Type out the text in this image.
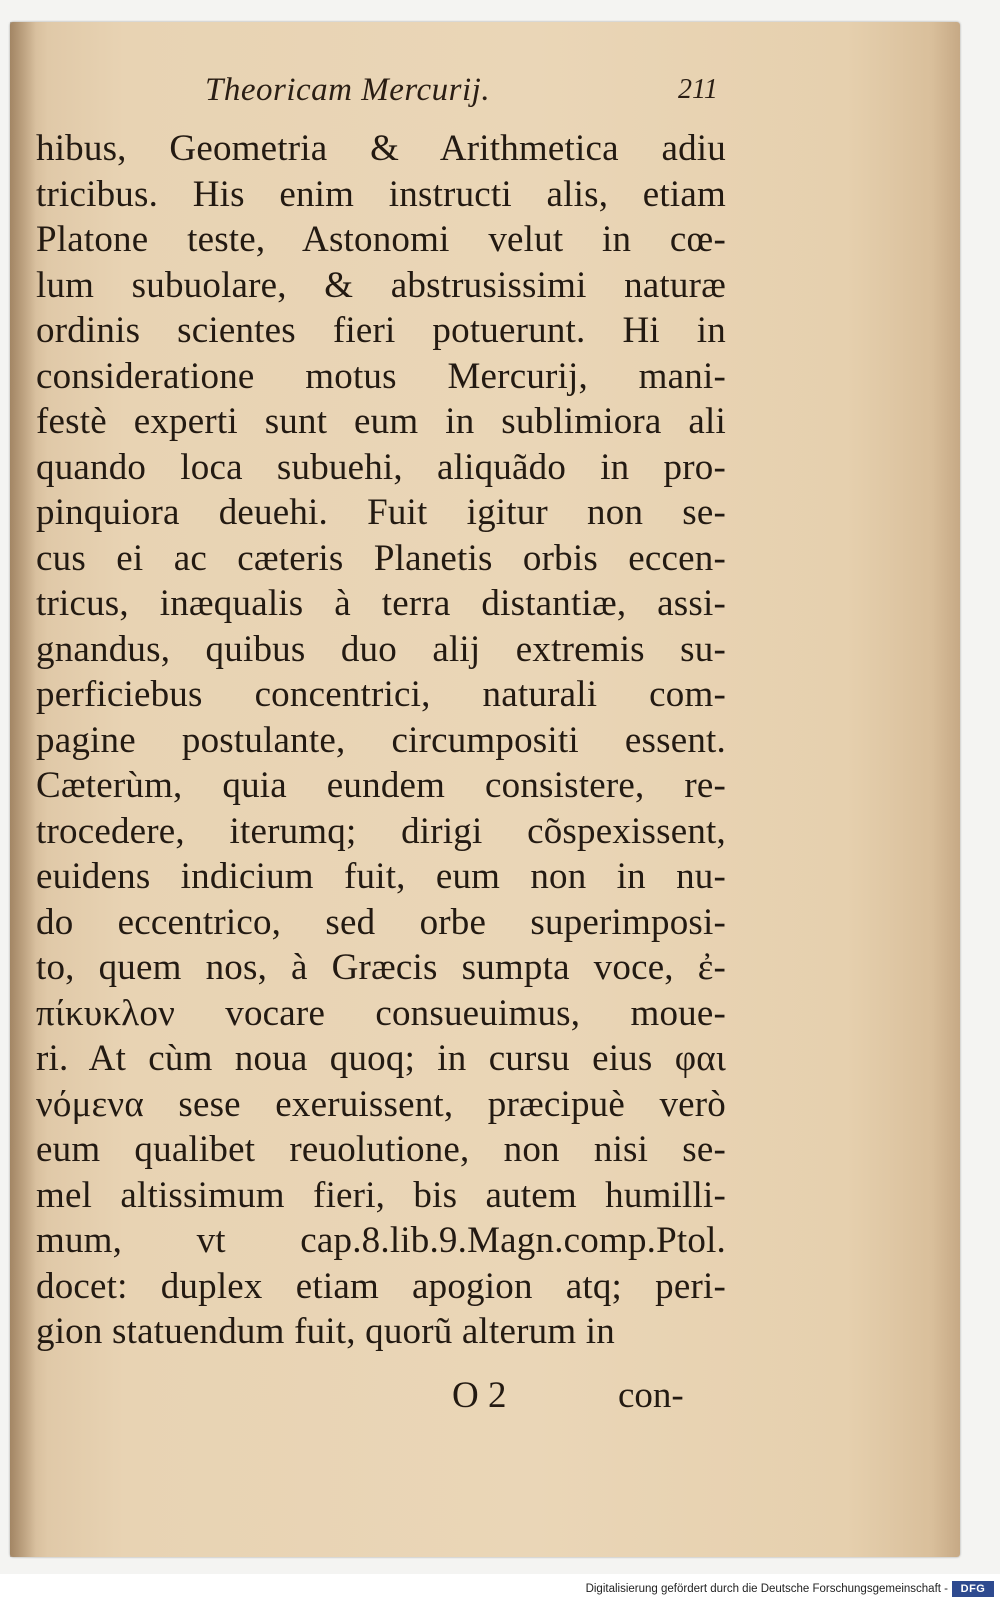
Theoricam Mercurij.	211
hibus, Geometria & Arithmetica adiu
tricibus. His enim instructi alis, etiam
Platone teste, Astonomi velut in cœ-
lum subuolare, & abstrusissimi naturæ
ordinis scientes fieri potuerunt. Hi in
consideratione motus Mercurij, mani-
festè experti sunt eum in sublimiora ali
quando loca subuehi, aliquãdo in pro-
pinquiora deuehi. Fuit igitur non se-
cus ei ac cæteris Planetis orbis eccen-
tricus, inæqualis à terra distantiæ, assi-
gnandus, quibus duo alij extremis su-
perficiebus concentrici, naturali com-
pagine postulante, circumpositi essent.
Cæterùm, quia eundem consistere, re-
trocedere, iterumq; dirigi cõspexissent,
euidens indicium fuit, eum non in nu-
do eccentrico, sed orbe superimposi-
to, quem nos, à Græcis sumpta voce, ἐ-
πίκυκλον vocare consueuimus, moue-
ri. At cùm noua quoq; in cursu eius φαι
νόμενα sese exeruissent, præcipuè verò
eum qualibet reuolutione, non nisi se-
mel altissimum fieri, bis autem humilli-
mum, vt cap.8.lib.9.Magn.comp.Ptol.
docet: duplex etiam apogion atq; peri-
gion statuendum fuit, quorũ alterum in
O 2	con-
Digitalisierung gefördert durch die Deutsche Forschungsgemeinschaft -	DFG
